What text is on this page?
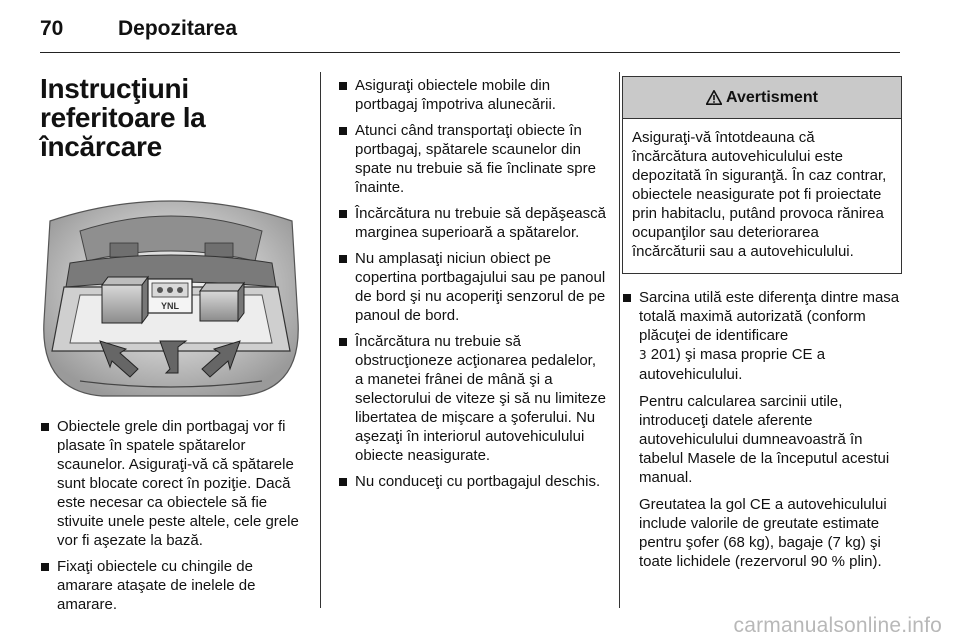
70	Depozitarea
Instrucţiuni referitoare la încărcare
YNL
Obiectele grele din portbagaj vor fi plasate în spatele spătarelor scaunelor. Asiguraţi-vă că spătarele sunt blocate corect în poziţie. Dacă este necesar ca obiectele să fie stivuite unele peste altele, cele grele vor fi aşezate la bază.
Fixaţi obiectele cu chingile de amarare ataşate de inelele de amarare.
Asiguraţi obiectele mobile din portbagaj împotriva alunecării.
Atunci când transportaţi obiecte în portbagaj, spătarele scaunelor din spate nu trebuie să fie înclinate spre înainte.
Încărcătura nu trebuie să depăşească marginea superioară a spătarelor.
Nu amplasaţi niciun obiect pe copertina portbagajului sau pe panoul de bord şi nu acoperiţi senzorul de pe panoul de bord.
Încărcătura nu trebuie să obstrucţioneze acţionarea pedalelor, a manetei frânei de mână şi a selectorului de viteze şi să nu limiteze libertatea de mişcare a şoferului. Nu aşezaţi în interiorul autovehiculului obiecte neasigurate.
Nu conduceţi cu portbagajul deschis.
Avertisment
Asiguraţi-vă întotdeauna că încărcătura autovehiculului este depozitată în siguranţă. În caz contrar, obiectele neasigurate pot fi proiectate prin habitaclu, putând provoca rănirea ocupanţilor sau deteriorarea încărcăturii sau a autovehiculului.
Sarcina utilă este diferenţa dintre masa totală maximă autorizată (conform plăcuţei de identificare
3 201) şi masa proprie CE a autovehiculului.

Pentru calcularea sarcinii utile, introduceţi datele aferente autovehiculului dumneavoastră în tabelul Masele de la începutul acestui manual.

Greutatea la gol CE a autovehiculului include valorile de greutate estimate pentru şofer (68 kg), bagaje (7 kg) şi toate lichidele (rezervorul 90 % plin).

carmanualsonline.info
